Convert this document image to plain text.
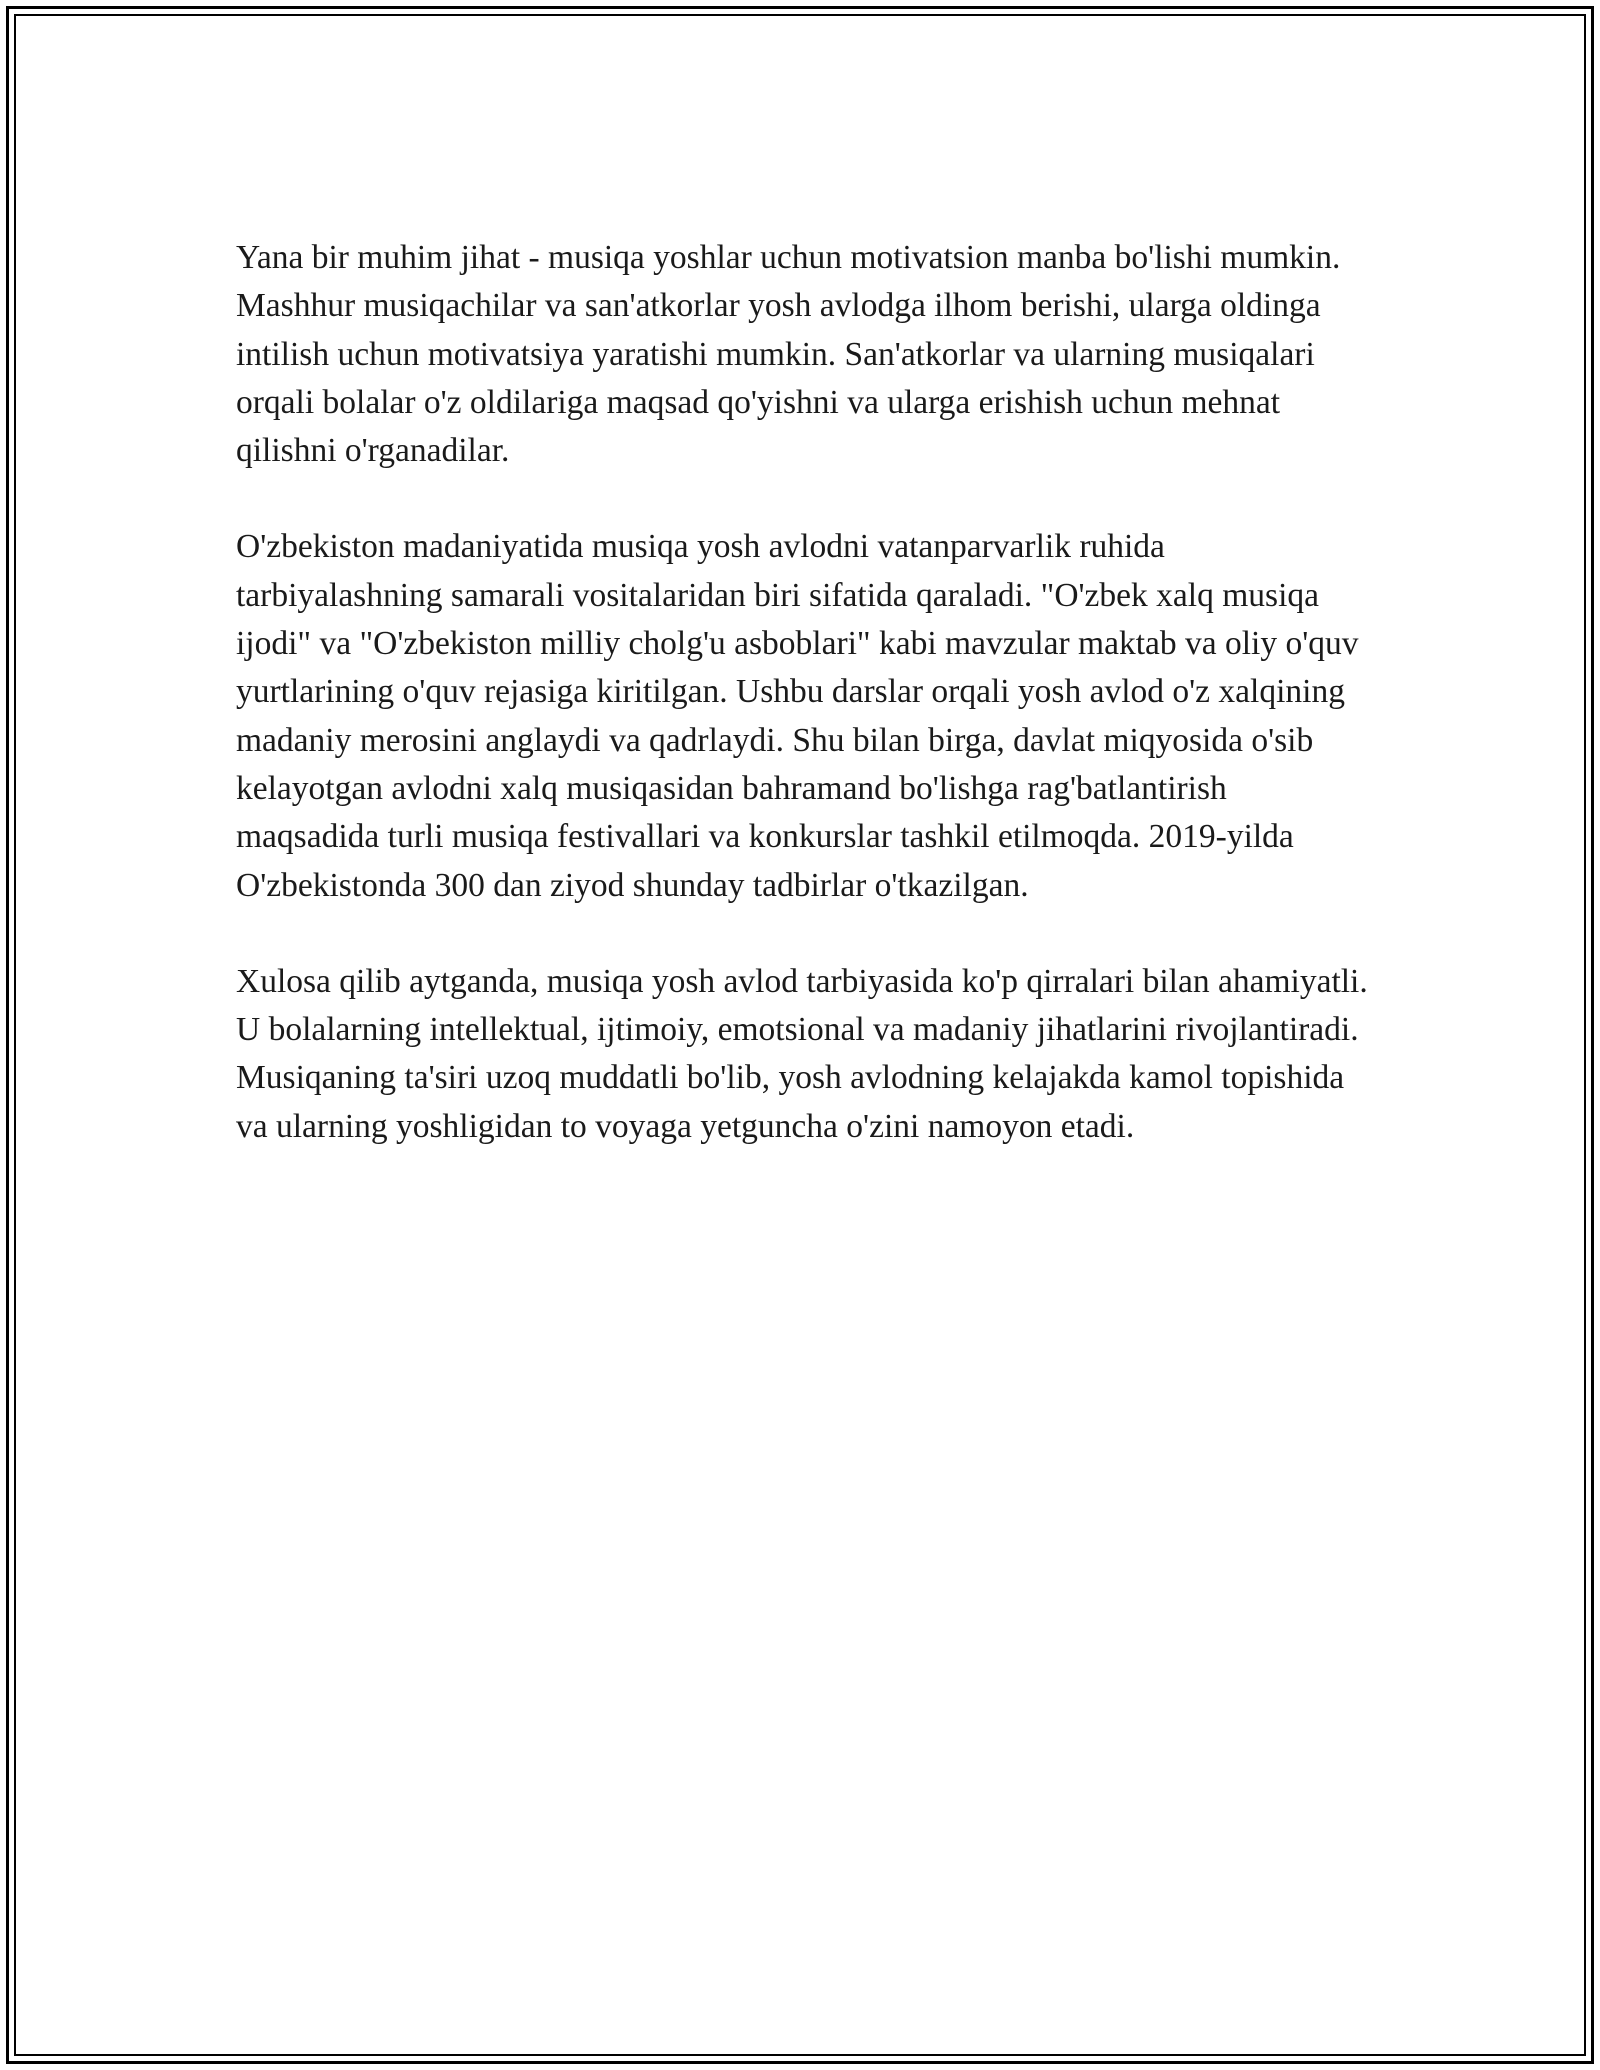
Yana bir muhim jihat - musiqa yoshlar uchun motivatsion manba bo'lishi mumkin. Mashhur musiqachilar va san'atkorlar yosh avlodga ilhom berishi, ularga oldinga intilish uchun motivatsiya yaratishi mumkin. San'atkorlar va ularning musiqalari orqali bolalar o'z oldilariga maqsad qo'yishni va ularga erishish uchun mehnat qilishni o'rganadilar.

O'zbekiston madaniyatida musiqa yosh avlodni vatanparvarlik ruhida tarbiyalashning samarali vositalaridan biri sifatida qaraladi. "O'zbek xalq musiqa ijodi" va "O'zbekiston milliy cholg'u asboblari" kabi mavzular maktab va oliy o'quv yurtlarining o'quv rejasiga kiritilgan. Ushbu darslar orqali yosh avlod o'z xalqining madaniy merosini anglaydi va qadrlaydi. Shu bilan birga, davlat miqyosida o'sib kelayotgan avlodni xalq musiqasidan bahramand bo'lishga rag'batlantirish maqsadida turli musiqa festivallari va konkurslar tashkil etilmoqda. 2019-yilda O'zbekistonda 300 dan ziyod shunday tadbirlar o'tkazilgan.

Xulosa qilib aytganda, musiqa yosh avlod tarbiyasida ko'p qirralari bilan ahamiyatli. U bolalarning intellektual, ijtimoiy, emotsional va madaniy jihatlarini rivojlantiradi. Musiqaning ta'siri uzoq muddatli bo'lib, yosh avlodning kelajakda kamol topishida va ularning yoshligidan to voyaga yetguncha o'zini namoyon etadi.
